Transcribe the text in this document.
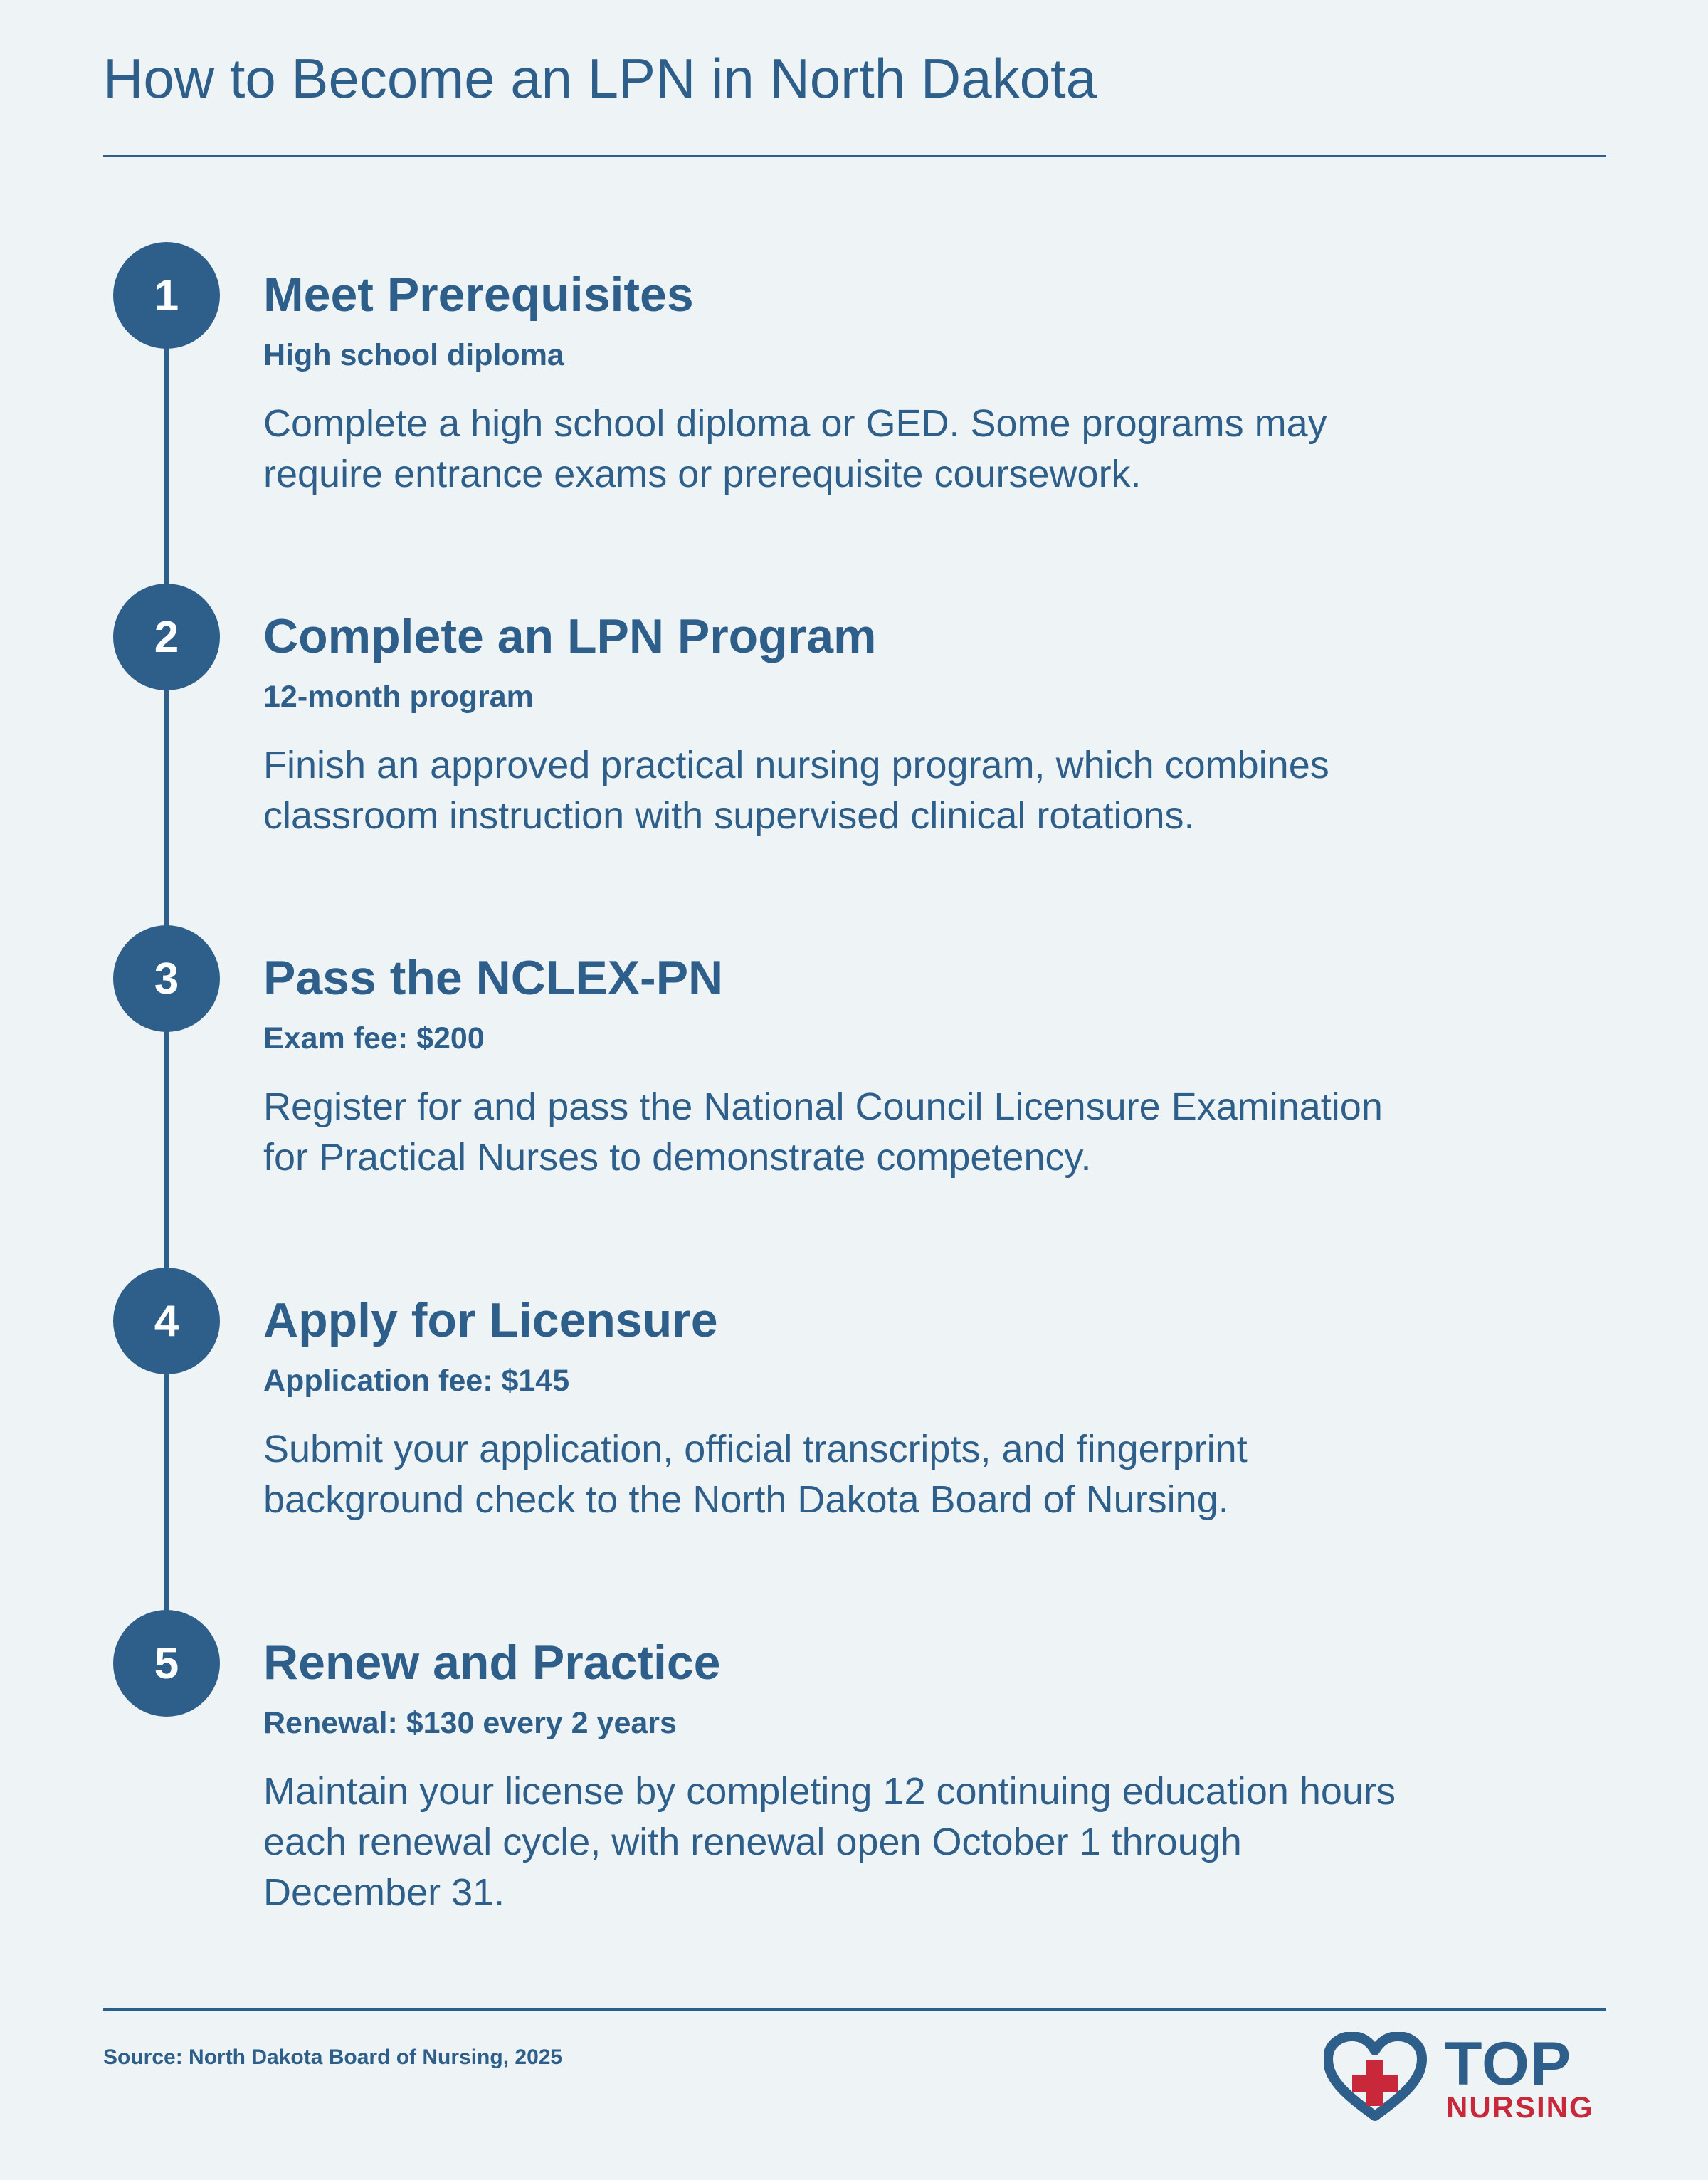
How to Become an LPN in North Dakota
1	Meet Prerequisites
High school diploma
Complete a high school diploma or GED. Some programs may require entrance exams or prerequisite coursework.
2	Complete an LPN Program
12-month program
Finish an approved practical nursing program, which combines classroom instruction with supervised clinical rotations.
3	Pass the NCLEX-PN
Exam fee: $200
Register for and pass the National Council Licensure Examination for Practical Nurses to demonstrate competency.
4	Apply for Licensure
Application fee: $145
Submit your application, official transcripts, and fingerprint background check to the North Dakota Board of Nursing.
5	Renew and Practice
Renewal: $130 every 2 years
Maintain your license by completing 12 continuing education hours each renewal cycle, with renewal open October 1 through December 31.
Source: North Dakota Board of Nursing, 2025	TOP
NURSING
